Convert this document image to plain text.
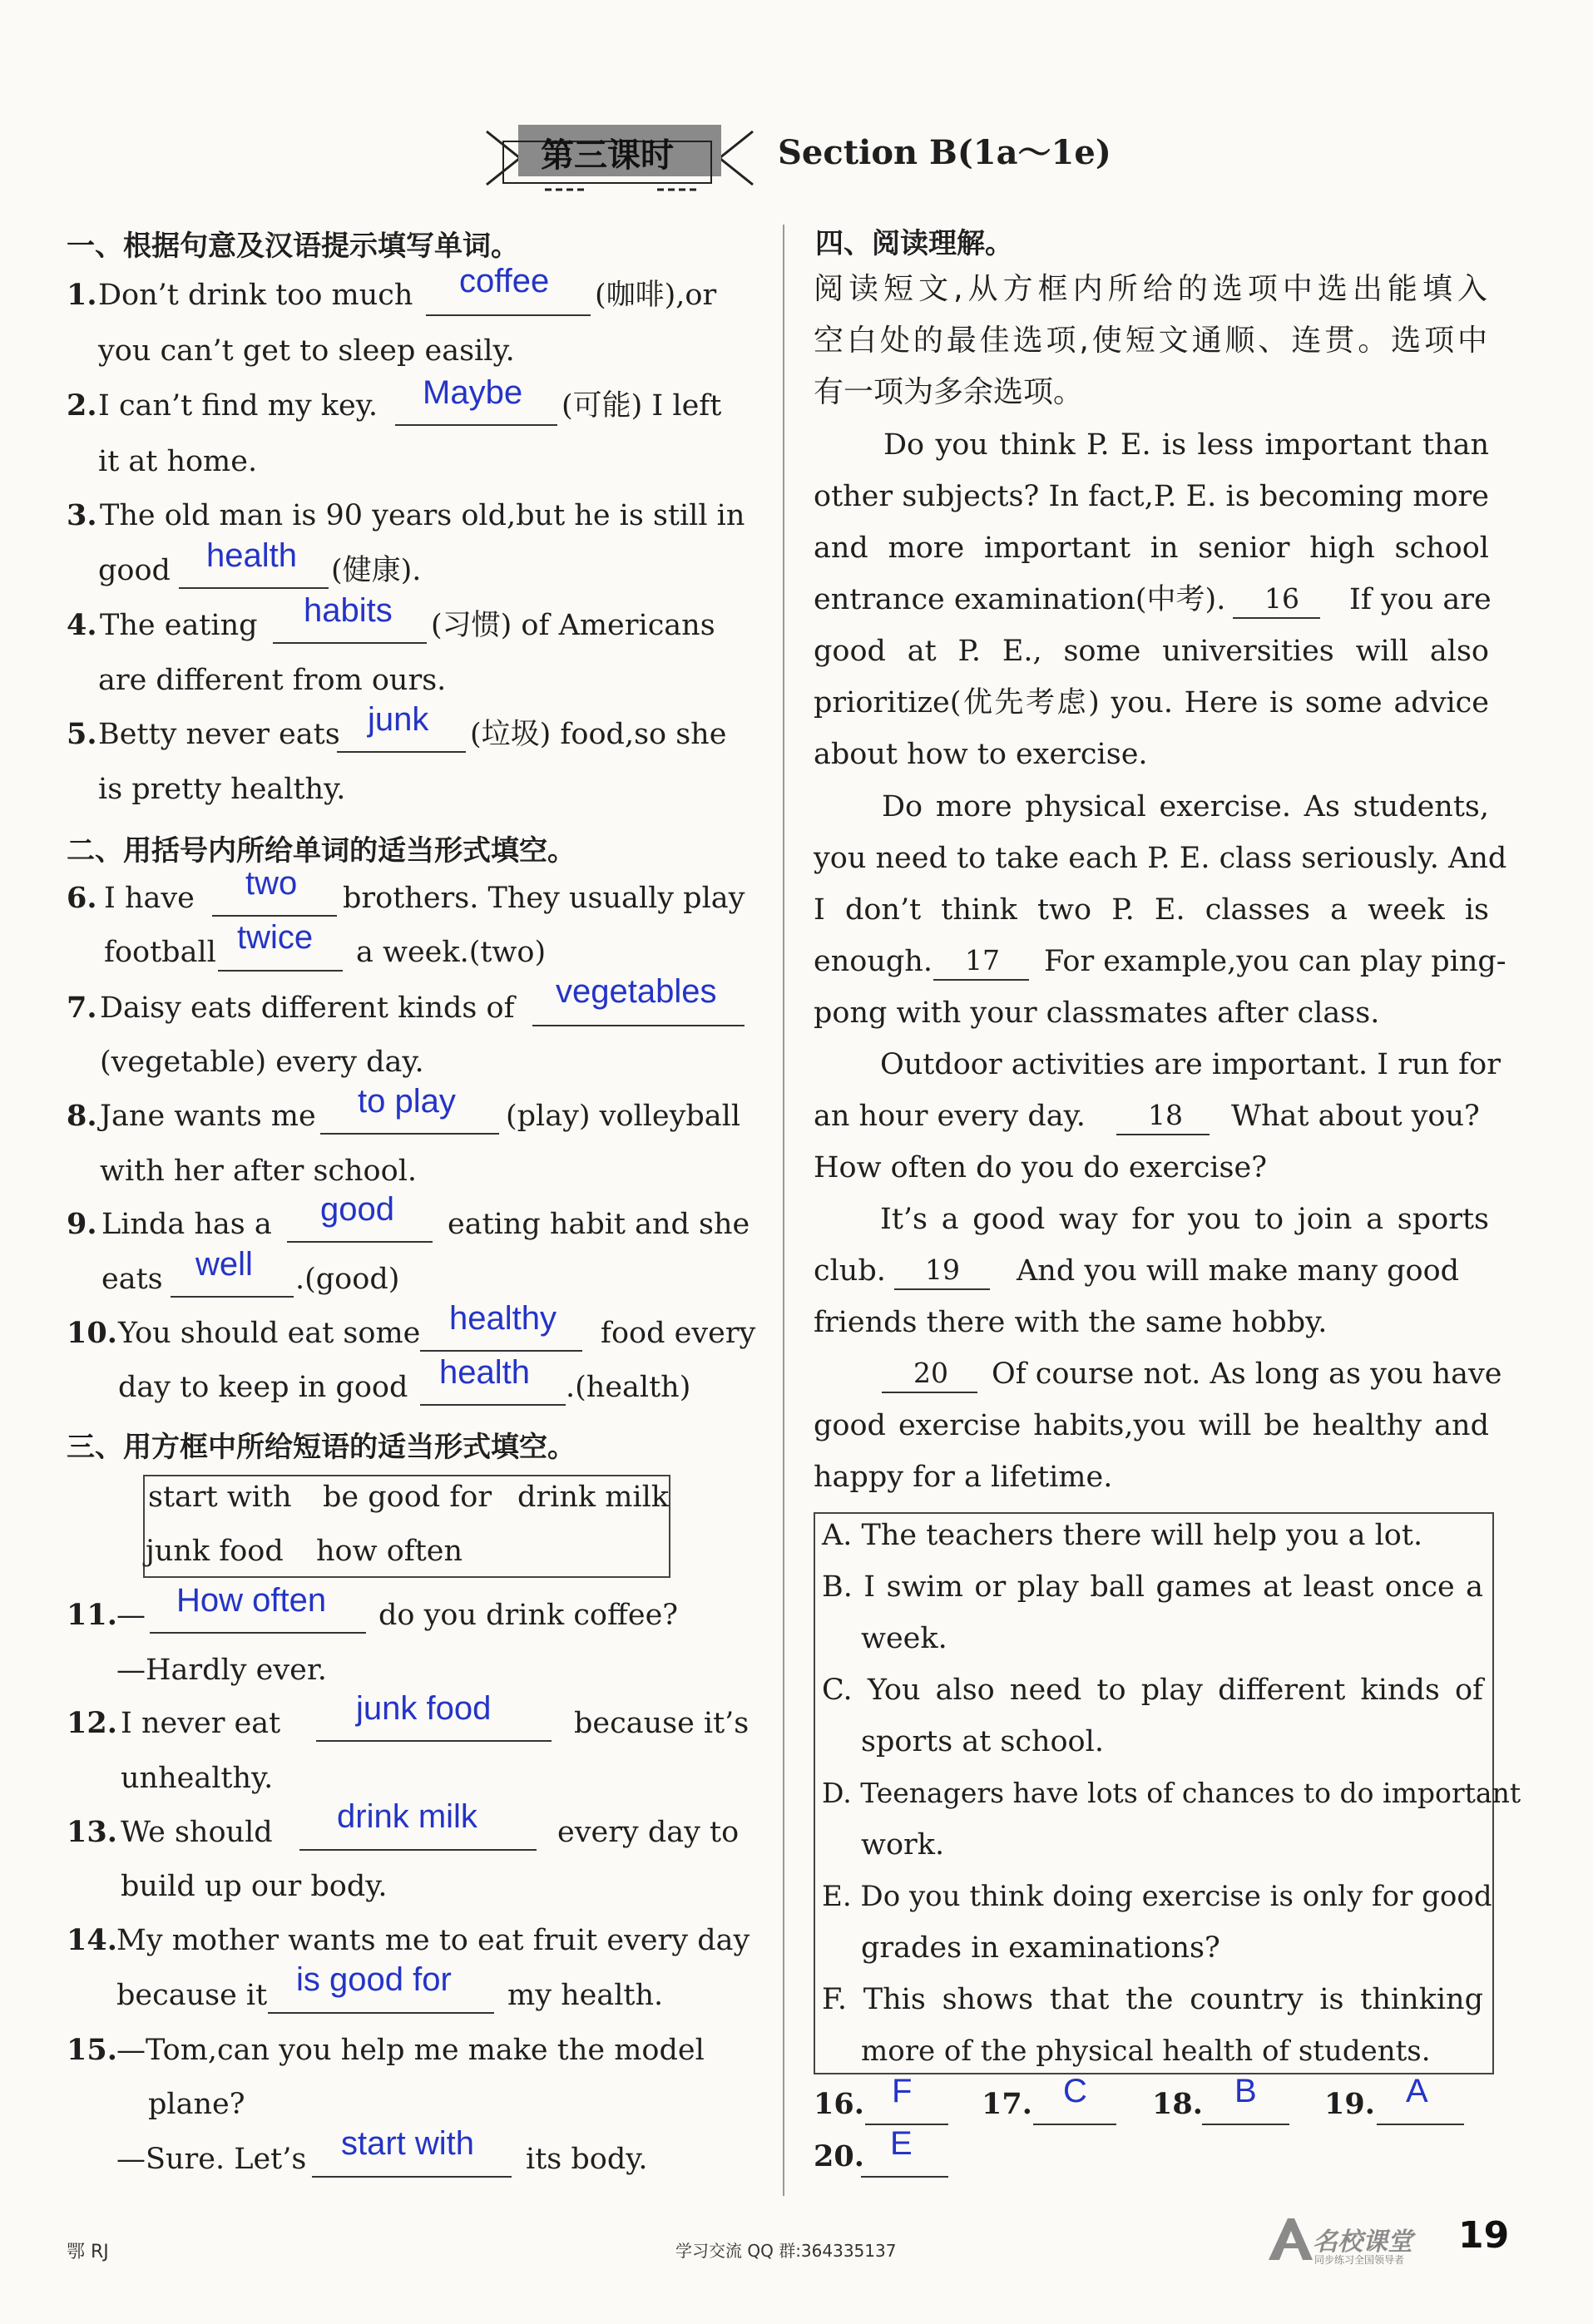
第三课时	Section B(1a～1e)
一、根据句意及汉语提示填写单词。
1. Don’t drink too much coffee (咖啡),or
you can’t get to sleep easily.
2. I can’t find my key. Maybe (可能) I left
it at home.
3. The old man is 90 years old,but he is still in
good health (健康).
4. The eating habits (习惯) of Americans
are different from ours.
5. Betty never eats junk (垃圾) food,so she
is pretty healthy.
二、用括号内所给单词的适当形式填空。
6. I have two brothers. They usually play
football twice a week.(two)
7. Daisy eats different kinds of vegetables
(vegetable) every day.
8. Jane wants me to play (play) volleyball
with her after school.
9. Linda has a good eating habit and she
eats well .(good)
10. You should eat some healthy food every
day to keep in good health .(health)
三、用方框中所给短语的适当形式填空。
start with be good for drink milk
junk food how often
11. — How often do you drink coffee?
—Hardly ever.
12. I never eat junk food	because it’s
unhealthy.
13. We should drink milk	every day to
build up our body.
14. My mother wants me to eat fruit every day
because it is good for my health.
15. —Tom,can you help me make the model
plane?
—Sure. Let’s start with its body.
四、阅读理解。
阅读短文,从方框内所给的选项中选出能填入
空白处的最佳选项,使短文通顺、连贯。选项中
有一项为多余选项。
Do you think P. E. is less important than
other subjects? In fact,P. E. is becoming more
and more important in senior high school
entrance examination(中考). 16 If you are
good at P. E., some universities will also
prioritize(优先考虑) you. Here is some advice
about how to exercise.
Do more physical exercise. As students,
you need to take each P. E. class seriously. And
I don’t think two P. E. classes a week is
enough. 17 For example,you can play ping-
pong with your classmates after class.
Outdoor activities are important. I run for
an hour every day. 18 What about you?
How often do you do exercise?
It’s a good way for you to join a sports
club. 19 And you will make many good
friends there with the same hobby.
20 Of course not. As long as you have
good exercise habits,you will be healthy and
happy for a lifetime.
A. The teachers there will help you a lot.
B. I swim or play ball games at least once a
week.
C. You also need to play different kinds of
sports at school.
D. Teenagers have lots of chances to do important
work.
E. Do you think doing exercise is only for good
grades in examinations?
F. This shows that the country is thinking
more of the physical health of students.
16. F 17. C 18. B 19. A
20. E
鄂 RJ	学习交流 QQ 群:364335137	名校课堂
同步练习全国领导者
19
